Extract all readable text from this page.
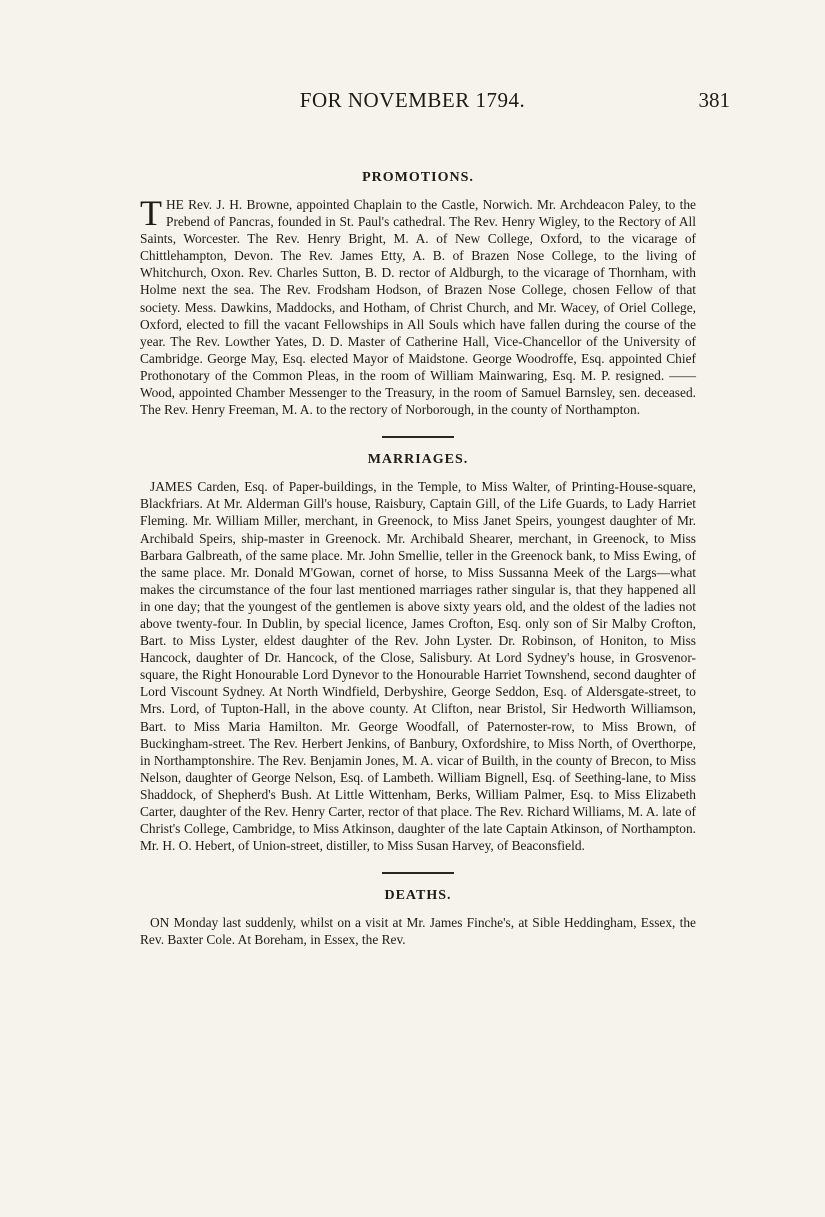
FOR NOVEMBER 1794.	381
PROMOTIONS.

THE Rev. J. H. Browne, appointed Chaplain to the Castle, Norwich. Mr. Archdeacon Paley, to the Prebend of Pancras, founded in St. Paul's cathedral. The Rev. Henry Wigley, to the Rectory of All Saints, Worcester. The Rev. Henry Bright, M. A. of New College, Oxford, to the vicarage of Chittlehampton, Devon. The Rev. James Etty, A. B. of Brazen Nose College, to the living of Whitchurch, Oxon. Rev. Charles Sutton, B. D. rector of Aldburgh, to the vicarage of Thornham, with Holme next the sea. The Rev. Frodsham Hodson, of Brazen Nose College, chosen Fellow of that society. Mess. Dawkins, Maddocks, and Hotham, of Christ Church, and Mr. Wacey, of Oriel College, Oxford, elected to fill the vacant Fellowships in All Souls which have fallen during the course of the year. The Rev. Lowther Yates, D. D. Master of Catherine Hall, Vice-Chancellor of the University of Cambridge. George May, Esq. elected Mayor of Maidstone. George Woodroffe, Esq. appointed Chief Prothonotary of the Common Pleas, in the room of William Mainwaring, Esq. M. P. resigned. —— Wood, appointed Chamber Messenger to the Treasury, in the room of Samuel Barnsley, sen. deceased. The Rev. Henry Freeman, M. A. to the rectory of Norborough, in the county of Northampton.

MARRIAGES.

JAMES Carden, Esq. of Paper-buildings, in the Temple, to Miss Walter, of Printing-House-square, Blackfriars. At Mr. Alderman Gill's house, Raisbury, Captain Gill, of the Life Guards, to Lady Harriet Fleming. Mr. William Miller, merchant, in Greenock, to Miss Janet Speirs, youngest daughter of Mr. Archibald Speirs, ship-master in Greenock. Mr. Archibald Shearer, merchant, in Greenock, to Miss Barbara Galbreath, of the same place. Mr. John Smellie, teller in the Greenock bank, to Miss Ewing, of the same place. Mr. Donald M'Gowan, cornet of horse, to Miss Sussanna Meek of the Largs—what makes the circumstance of the four last mentioned marriages rather singular is, that they happened all in one day; that the youngest of the gentlemen is above sixty years old, and the oldest of the ladies not above twenty-four. In Dublin, by special licence, James Crofton, Esq. only son of Sir Malby Crofton, Bart. to Miss Lyster, eldest daughter of the Rev. John Lyster. Dr. Robinson, of Honiton, to Miss Hancock, daughter of Dr. Hancock, of the Close, Salisbury. At Lord Sydney's house, in Grosvenor-square, the Right Honourable Lord Dynevor to the Honourable Harriet Townshend, second daughter of Lord Viscount Sydney. At North Windfield, Derbyshire, George Seddon, Esq. of Aldersgate-street, to Mrs. Lord, of Tupton-Hall, in the above county. At Clifton, near Bristol, Sir Hedworth Williamson, Bart. to Miss Maria Hamilton. Mr. George Woodfall, of Paternoster-row, to Miss Brown, of Buckingham-street. The Rev. Herbert Jenkins, of Banbury, Oxfordshire, to Miss North, of Overthorpe, in Northamptonshire. The Rev. Benjamin Jones, M. A. vicar of Builth, in the county of Brecon, to Miss Nelson, daughter of George Nelson, Esq. of Lambeth. William Bignell, Esq. of Seething-lane, to Miss Shaddock, of Shepherd's Bush. At Little Wittenham, Berks, William Palmer, Esq. to Miss Elizabeth Carter, daughter of the Rev. Henry Carter, rector of that place. The Rev. Richard Williams, M. A. late of Christ's College, Cambridge, to Miss Atkinson, daughter of the late Captain Atkinson, of Northampton. Mr. H. O. Hebert, of Union-street, distiller, to Miss Susan Harvey, of Beaconsfield.

DEATHS.

ON Monday last suddenly, whilst on a visit at Mr. James Finche's, at Sible Heddingham, Essex, the Rev. Baxter Cole. At Boreham, in Essex, the Rev.
